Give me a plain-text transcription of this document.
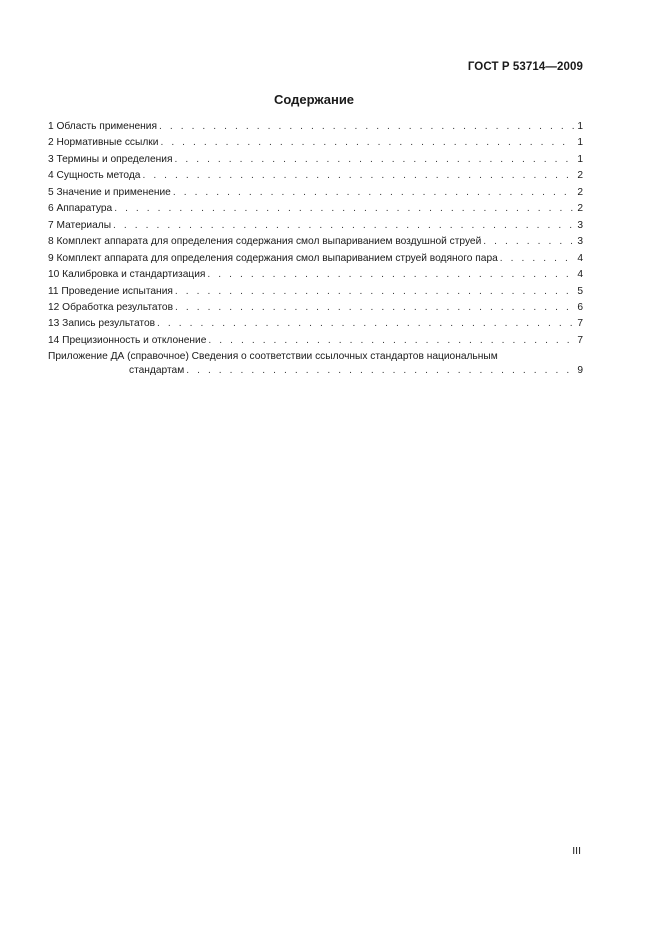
ГОСТ Р 53714—2009
Содержание
1 Область применения . . .	1
2 Нормативные ссылки . . .	1
3 Термины и определения . . .	1
4 Сущность метода . . .	2
5 Значение и применение . . .	2
6 Аппаратура . . .	2
7 Материалы . . .	3
8 Комплект аппарата для определения содержания смол выпариванием воздушной струей . . .	3
9 Комплект аппарата для определения содержания смол выпариванием струей водяного пара . . .	4
10 Калибровка и стандартизация . . .	4
11 Проведение испытания . . .	5
12 Обработка результатов . . .	6
13 Запись результатов . . .	7
14 Прецизионность и отклонение . . .	7
Приложение ДА (справочное) Сведения о соответствии ссылочных стандартов национальным
стандартам . . .	9
III
